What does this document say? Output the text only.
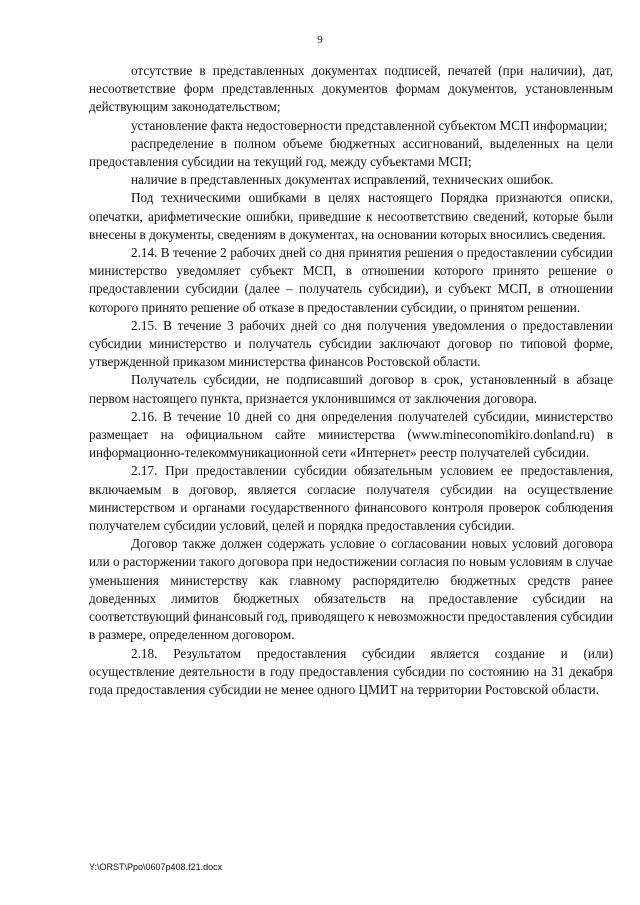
9

отсутствие в представленных документах подписей, печатей (при наличии), дат, несоответствие форм представленных документов формам документов, установленным действующим законодательством;

установление факта недостоверности представленной субъектом МСП информации;

распределение в полном объеме бюджетных ассигнований, выделенных на цели предоставления субсидии на текущий год, между субъектами МСП;

наличие в представленных документах исправлений, технических ошибок.

Под техническими ошибками в целях настоящего Порядка признаются описки, опечатки, арифметические ошибки, приведшие к несоответствию сведений, которые были внесены в документы, сведениям в документах, на основании которых вносились сведения.

2.14. В течение 2 рабочих дней со дня принятия решения о предоставлении субсидии министерство уведомляет субъект МСП, в отношении которого принято решение о предоставлении субсидии (далее – получатель субсидии), и субъект МСП, в отношении которого принято решение об отказе в предоставлении субсидии, о принятом решении.

2.15. В течение 3 рабочих дней со дня получения уведомления о предоставлении субсидии министерство и получатель субсидии заключают договор по типовой форме, утвержденной приказом министерства финансов Ростовской области.

Получатель субсидии, не подписавший договор в срок, установленный в абзаце первом настоящего пункта, признается уклонившимся от заключения договора.

2.16. В течение 10 дней со дня определения получателей субсидии, министерство размещает на официальном сайте министерства (www.mineconomikiro.donland.ru) в информационно-телекоммуникационной сети «Интернет» реестр получателей субсидии.

2.17. При предоставлении субсидии обязательным условием ее предоставления, включаемым в договор, является согласие получателя субсидии на осуществление министерством и органами государственного финансового контроля проверок соблюдения получателем субсидии условий, целей и порядка предоставления субсидии.

Договор также должен содержать условие о согласовании новых условий договора или о расторжении такого договора при недостижении согласия по новым условиям в случае уменьшения министерству как главному распорядителю бюджетных средств ранее доведенных лимитов бюджетных обязательств на предоставление субсидии на соответствующий финансовый год, приводящего к невозможности предоставления субсидии в размере, определенном договором.

2.18. Результатом предоставления субсидии является создание и (или) осуществление деятельности в году предоставления субсидии по состоянию на 31 декабря года предоставления субсидии не менее одного ЦМИТ на территории Ростовской области.

Y:\ORST\Ppo\0607p408.f21.docx
